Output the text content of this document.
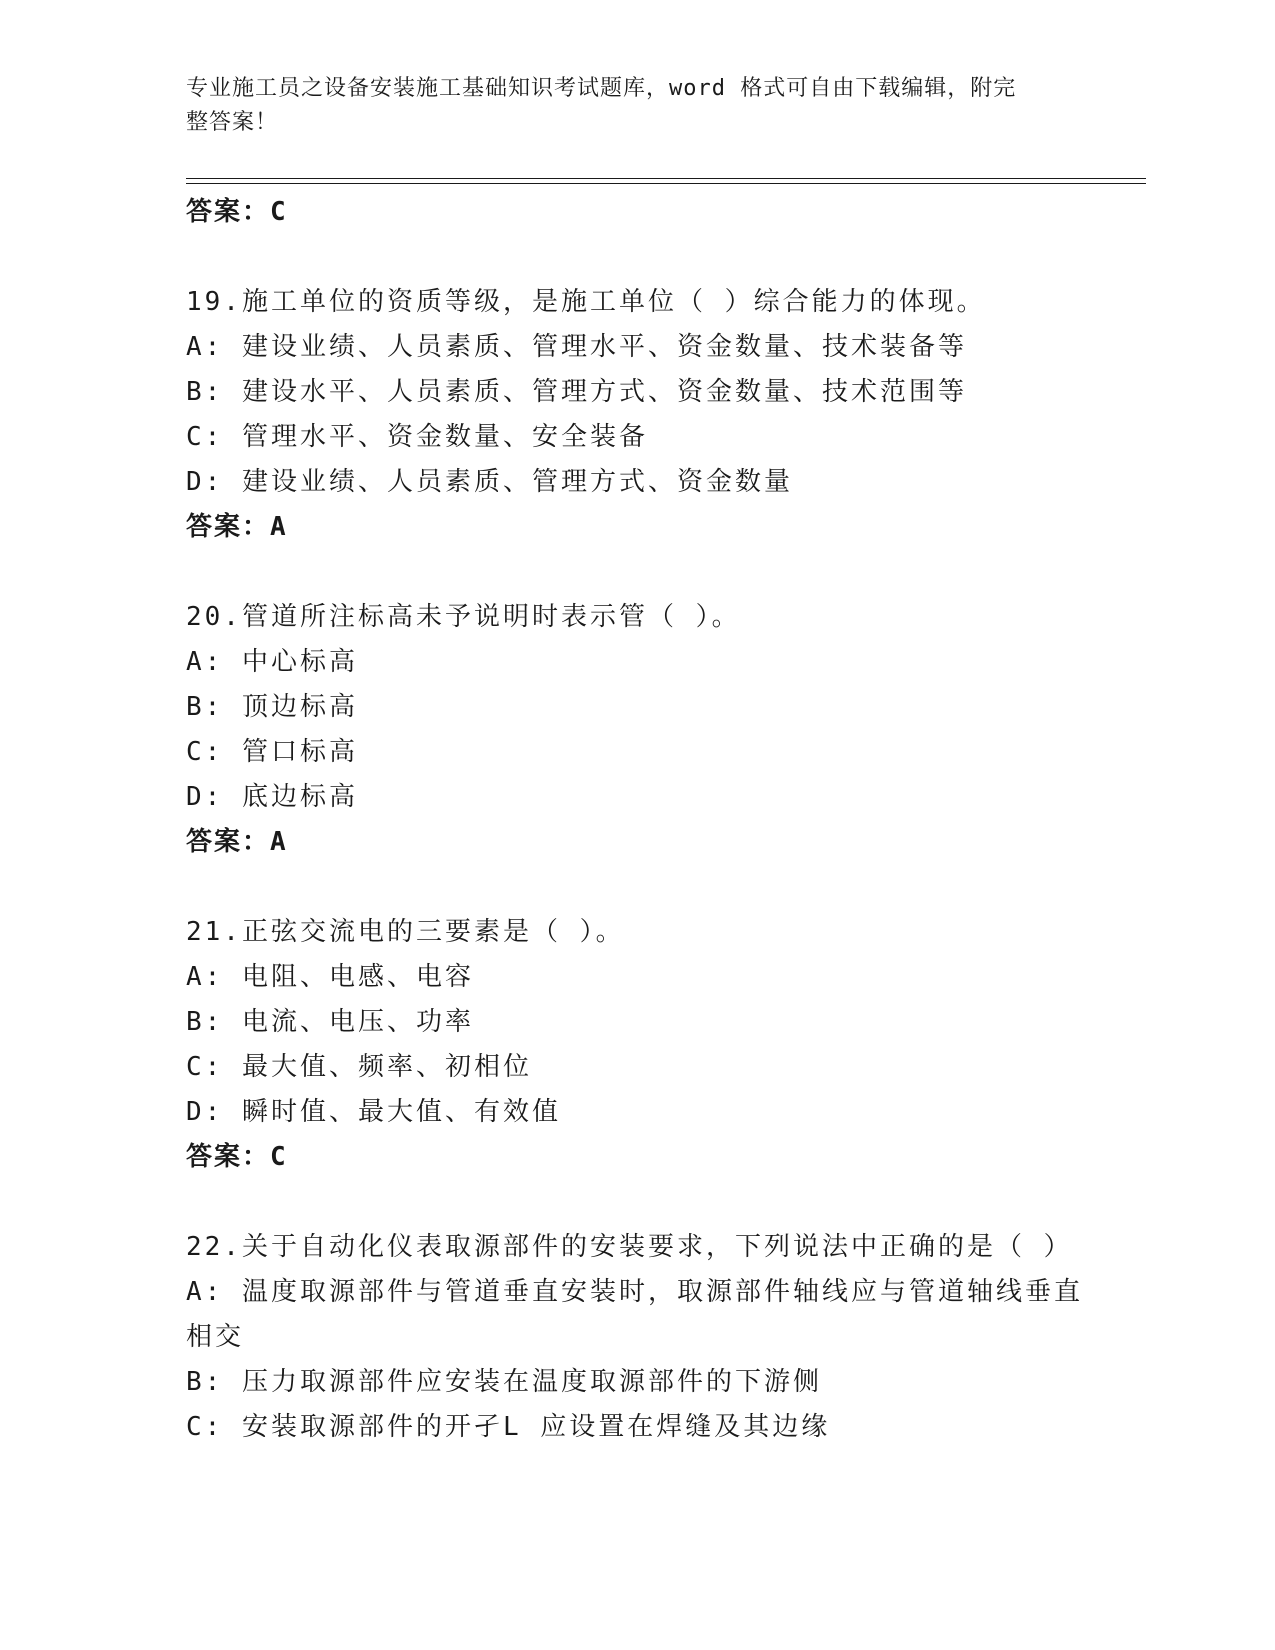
专业施工员之设备安装施工基础知识考试题库，word 格式可自由下载编辑，附完
整答案！
答案：C
19.施工单位的资质等级，是施工单位（ ）综合能力的体现。
A: 建设业绩、人员素质、管理水平、资金数量、技术装备等
B: 建设水平、人员素质、管理方式、资金数量、技术范围等
C: 管理水平、资金数量、安全装备
D: 建设业绩、人员素质、管理方式、资金数量
答案：A
20.管道所注标高未予说明时表示管（ ）。
A: 中心标高
B: 顶边标高
C: 管口标高
D: 底边标高
答案：A
21.正弦交流电的三要素是（ ）。
A: 电阻、电感、电容
B: 电流、电压、功率
C: 最大值、频率、初相位
D: 瞬时值、最大值、有效值
答案：C
22.关于自动化仪表取源部件的安装要求，下列说法中正确的是（ ）
A: 温度取源部件与管道垂直安装时，取源部件轴线应与管道轴线垂直
相交
B: 压力取源部件应安装在温度取源部件的下游侧
C: 安装取源部件的开孑L 应设置在焊缝及其边缘
